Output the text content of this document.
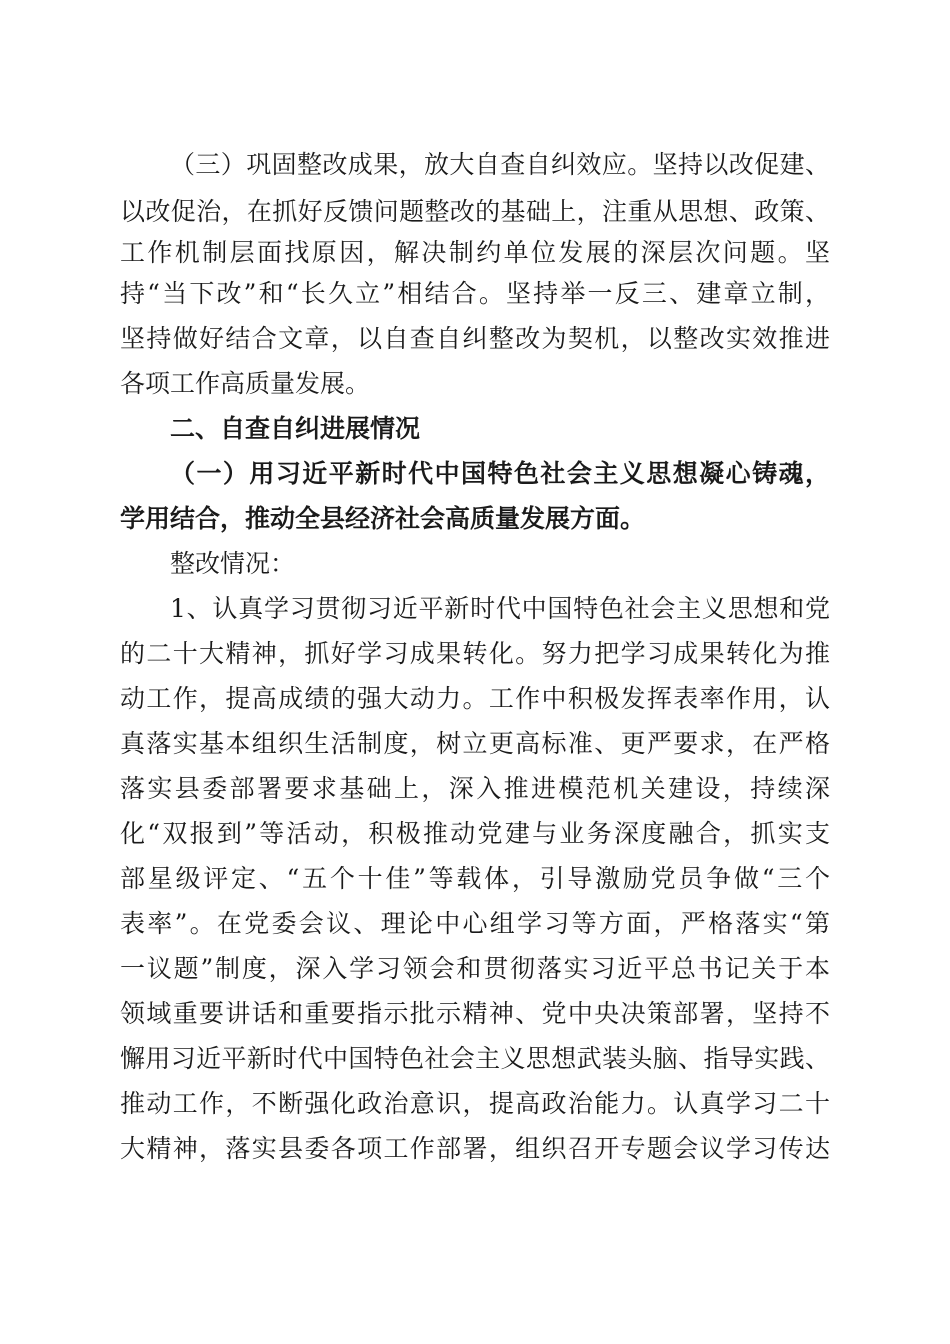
（三）巩固整改成果，放大自查自纠效应。坚持以改促建、
以改促治，在抓好反馈问题整改的基础上，注重从思想、政策、
工作机制层面找原因，解决制约单位发展的深层次问题。坚
持“当下改”和“长久立”相结合。坚持举一反三、建章立制，
坚持做好结合文章，以自查自纠整改为契机，以整改实效推进
各项工作高质量发展。
二、自查自纠进展情况
（一）用习近平新时代中国特色社会主义思想凝心铸魂，
学用结合，推动全县经济社会高质量发展方面。
整改情况：
1、认真学习贯彻习近平新时代中国特色社会主义思想和党
的二十大精神，抓好学习成果转化。努力把学习成果转化为推
动工作，提高成绩的强大动力。工作中积极发挥表率作用，认
真落实基本组织生活制度，树立更高标准、更严要求，在严格
落实县委部署要求基础上，深入推进模范机关建设，持续深
化“双报到”等活动，积极推动党建与业务深度融合，抓实支
部星级评定、“五个十佳”等载体，引导激励党员争做“三个
表率”。在党委会议、理论中心组学习等方面，严格落实“第
一议题”制度，深入学习领会和贯彻落实习近平总书记关于本
领域重要讲话和重要指示批示精神、党中央决策部署，坚持不
懈用习近平新时代中国特色社会主义思想武装头脑、指导实践、
推动工作，不断强化政治意识，提高政治能力。认真学习二十
大精神，落实县委各项工作部署，组织召开专题会议学习传达
